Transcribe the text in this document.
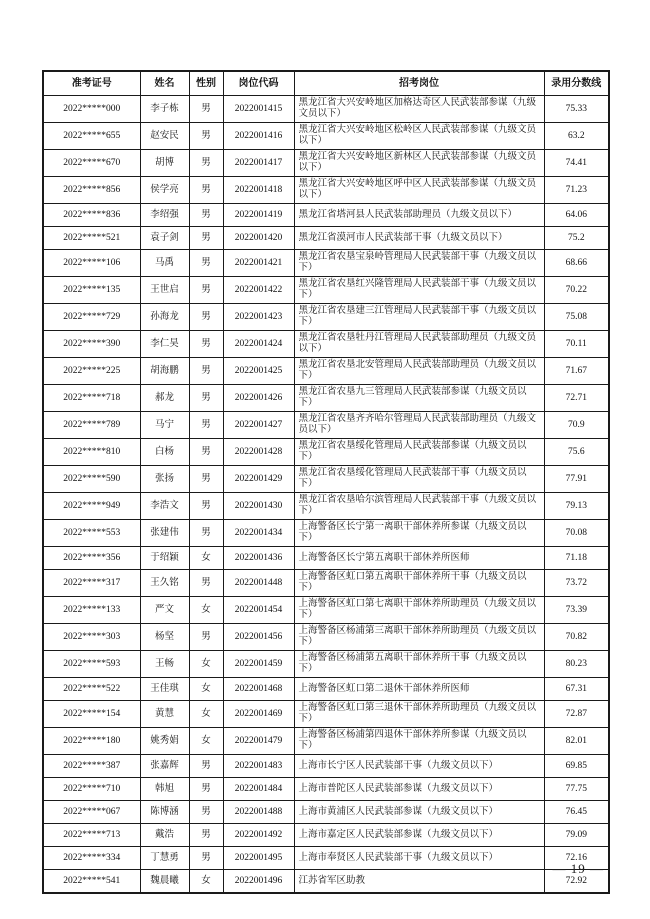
准考证号	姓名	性别	岗位代码	招考岗位	录用分数线
2022*****000	李子栋	男	2022001415	黑龙江省大兴安岭地区加格达奇区人民武装部参谋（九级文员以下）	75.33
2022*****655	赵安民	男	2022001416	黑龙江省大兴安岭地区松岭区人民武装部参谋（九级文员以下）	63.2
2022*****670	胡博	男	2022001417	黑龙江省大兴安岭地区新林区人民武装部参谋（九级文员以下）	74.41
2022*****856	侯学亮	男	2022001418	黑龙江省大兴安岭地区呼中区人民武装部参谋（九级文员以下）	71.23
2022*****836	李绍强	男	2022001419	黑龙江省塔河县人民武装部助理员（九级文员以下）	64.06
2022*****521	袁子剑	男	2022001420	黑龙江省漠河市人民武装部干事（九级文员以下）	75.2
2022*****106	马禹	男	2022001421	黑龙江省农垦宝泉岭管理局人民武装部干事（九级文员以下）	68.66
2022*****135	王世启	男	2022001422	黑龙江省农垦红兴隆管理局人民武装部干事（九级文员以下）	70.22
2022*****729	孙海龙	男	2022001423	黑龙江省农垦建三江管理局人民武装部干事（九级文员以下）	75.08
2022*****390	李仁昊	男	2022001424	黑龙江省农垦牡丹江管理局人民武装部助理员（九级文员以下）	70.11
2022*****225	胡海鹏	男	2022001425	黑龙江省农垦北安管理局人民武装部助理员（九级文员以下）	71.67
2022*****718	郝龙	男	2022001426	黑龙江省农垦九三管理局人民武装部参谋（九级文员以下）	72.71
2022*****789	马宁	男	2022001427	黑龙江省农垦齐齐哈尔管理局人民武装部助理员（九级文员以下）	70.9
2022*****810	白杨	男	2022001428	黑龙江省农垦绥化管理局人民武装部参谋（九级文员以下）	75.6
2022*****590	张扬	男	2022001429	黑龙江省农垦绥化管理局人民武装部干事（九级文员以下）	77.91
2022*****949	李浩文	男	2022001430	黑龙江省农垦哈尔滨管理局人民武装部干事（九级文员以下）	79.13
2022*****553	张建伟	男	2022001434	上海警备区长宁第一离职干部休养所参谋（九级文员以下）	70.08
2022*****356	于绍颖	女	2022001436	上海警备区长宁第五离职干部休养所医师	71.18
2022*****317	王久铭	男	2022001448	上海警备区虹口第五离职干部休养所干事（九级文员以下）	73.72
2022*****133	严文	女	2022001454	上海警备区虹口第七离职干部休养所助理员（九级文员以下）	73.39
2022*****303	杨坚	男	2022001456	上海警备区杨浦第三离职干部休养所助理员（九级文员以下）	70.82
2022*****593	王畅	女	2022001459	上海警备区杨浦第五离职干部休养所干事（九级文员以下）	80.23
2022*****522	王佳琪	女	2022001468	上海警备区虹口第二退休干部休养所医师	67.31
2022*****154	黄慧	女	2022001469	上海警备区虹口第三退休干部休养所助理员（九级文员以下）	72.87
2022*****180	姚秀娟	女	2022001479	上海警备区杨浦第四退休干部休养所参谋（九级文员以下）	82.01
2022*****387	张嘉辉	男	2022001483	上海市长宁区人民武装部干事（九级文员以下）	69.85
2022*****710	韩旭	男	2022001484	上海市普陀区人民武装部参谋（九级文员以下）	77.75
2022*****067	陈博涵	男	2022001488	上海市黄浦区人民武装部参谋（九级文员以下）	76.45
2022*****713	戴浩	男	2022001492	上海市嘉定区人民武装部参谋（九级文员以下）	79.09
2022*****334	丁慧勇	男	2022001495	上海市奉贤区人民武装部干事（九级文员以下）	72.16
2022*****541	魏晨曦	女	2022001496	江苏省军区助教	72.92
— 19 —
